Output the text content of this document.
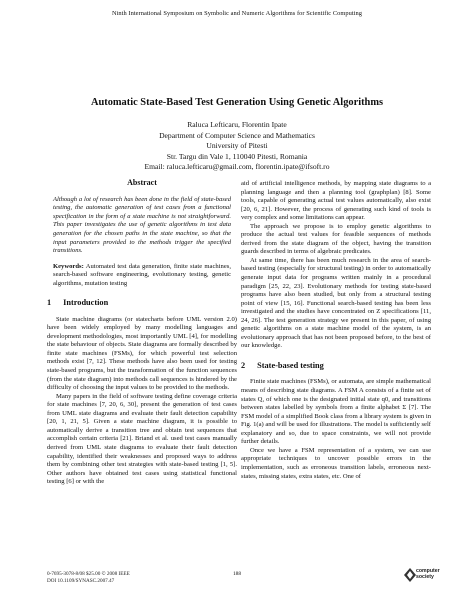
Ninth International Symposium on Symbolic and Numeric Algorithms for Scientific Computing
Automatic State-Based Test Generation Using Genetic Algorithms
Raluca Lefticaru, Florentin Ipate
Department of Computer Science and Mathematics
University of Pitesti
Str. Targu din Vale 1, 110040 Pitesti, Romania
Email: raluca.lefticaru@gmail.com, florentin.ipate@ifsoft.ro
Abstract
Although a lot of research has been done in the field of state-based testing, the automatic generation of test cases from a functional specification in the form of a state machine is not straightforward. This paper investigates the use of genetic algorithms in test data generation for the chosen paths in the state machine, so that the input parameters provided to the methods trigger the specified transitions.
Keywords: Automated test data generation, finite state machines, search-based software engineering, evolutionary testing, genetic algorithms, mutation testing
1 Introduction

State machine diagrams (or statecharts before UML version 2.0) have been widely employed by many modelling languages and development methodologies, most importantly UML [4], for modelling the state behaviour of objects. State diagrams are formally described by finite state machines (FSMs), for which powerful test selection methods exist [7, 12]. These methods have also been used for testing state-based programs, but the transformation of the function sequences (from the state diagram) into methods call sequences is hindered by the difficulty of choosing the input values to be provided to the methods.

Many papers in the field of software testing define coverage criteria for state machines [7, 20, 6, 30], present the generation of test cases from UML state diagrams and evaluate their fault detection capability [20, 1, 21, 5]. Given a state machine diagram, it is possible to automatically derive a transition tree and obtain test sequences that accomplish certain criteria [21]. Briand et al. used test cases manually derived from UML state diagrams to evaluate their fault detection capability, identified their weaknesses and proposed ways to address them by combining other test strategies with state-based testing [1, 5]. Other authors have obtained test cases using statistical functional testing [6] or with the

aid of artificial intelligence methods, by mapping state diagrams to a planning language and then a planning tool (graphplan) [8]. Some tools, capable of generating actual test values automatically, also exist [20, 6, 21]. However, the process of generating such kind of tools is very complex and some limitations can appear.

The approach we propose is to employ genetic algorithms to produce the actual test values for feasible sequences of methods derived from the state diagram of the object, having the transition guards described in terms of algebraic predicates.

At same time, there has been much research in the area of search-based testing (especially for structural testing) in order to automatically generate input data for programs written mainly in a procedural paradigm [25, 22, 23]. Evolutionary methods for testing state-based programs have also been studied, but only from a structural testing point of view [15, 16]. Functional search-based testing has been less investigated and the studies have concentrated on Z specifications [11, 24, 26]. The test generation strategy we present in this paper, of using genetic algorithms on a state machine model of the system, is an evolutionary approach that has not been proposed before, to the best of our knowledge.

2 State-based testing

Finite state machines (FSMs), or automata, are simple mathematical means of describing state diagrams. A FSM A consists of a finite set of states Q, of which one is the designated initial state q0, and transitions between states labelled by symbols from a finite alphabet Σ [7]. The FSM model of a simplified Book class from a library system is given in Fig. 1(a) and will be used for illustrations. The model is sufficiently self explanatory and so, due to space constraints, we will not provide further details.

Once we have a FSM representation of a system, we can use appropriate techniques to uncover possible errors in the implementation, such as erroneous transition labels, erroneous next-states, missing states, extra states, etc. One of

0-7695-3078-8/08 $25.00 © 2008 IEEE
DOI 10.1109/SYNASC.2007.47
188	computer
society
